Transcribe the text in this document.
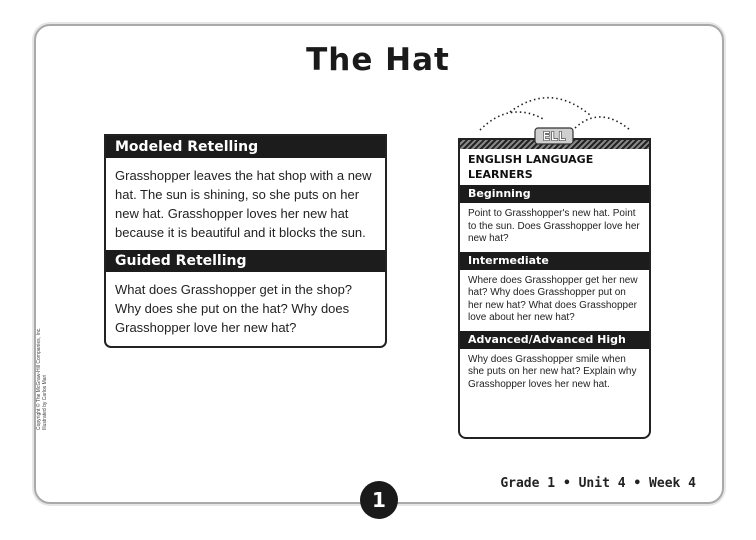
The Hat
Modeled Retelling
Grasshopper leaves the hat shop with a new hat. The sun is shining, so she puts on her new hat. Grasshopper loves her new hat because it is beautiful and it blocks the sun.
Guided Retelling
What does Grasshopper get in the shop? Why does she put on the hat? Why does Grasshopper love her new hat?
ENGLISH LANGUAGE LEARNERS
Beginning
Point to Grasshopper's new hat. Point to the sun. Does Grasshopper love her new hat?
Intermediate
Where does Grasshopper get her new hat? Why does Grasshopper put on her new hat? What does Grasshopper love about her new hat?
Advanced/Advanced High
Why does Grasshopper smile when she puts on her new hat? Explain why Grasshopper loves her new hat.
ELL
Grade 1 • Unit 4 • Week 4
1
Copyright © The McGraw-Hill Companies, Inc. Illustrated by Carlos Mari
